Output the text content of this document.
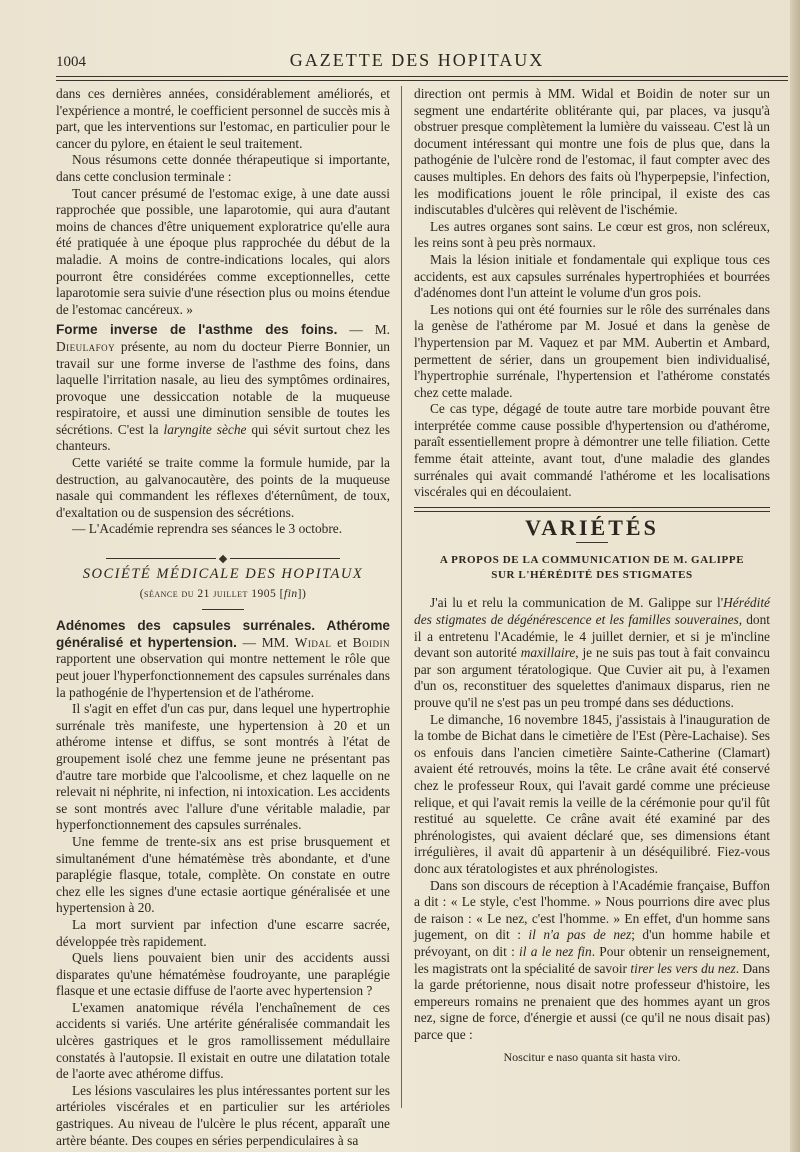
1004	GAZETTE DES HOPITAUX

dans ces dernières années, considérablement améliorés, et l'expérience a montré, le coefficient personnel de succès mis à part, que les interventions sur l'estomac, en particulier pour le cancer du pylore, en étaient le seul traitement.

Nous résumons cette donnée thérapeutique si importante, dans cette conclusion terminale :

Tout cancer présumé de l'estomac exige, à une date aussi rapprochée que possible, une laparotomie, qui aura d'autant moins de chances d'être uniquement exploratrice qu'elle aura été pratiquée à une époque plus rapprochée du début de la maladie. A moins de contre-indications locales, qui alors pourront être considérées comme exceptionnelles, cette laparotomie sera suivie d'une résection plus ou moins étendue de l'estomac cancéreux. »

Forme inverse de l'asthme des foins. — M. Dieulafoy présente, au nom du docteur Pierre Bonnier, un travail sur une forme inverse de l'asthme des foins, dans laquelle l'irritation nasale, au lieu des symptômes ordinaires, provoque une dessiccation notable de la muqueuse respiratoire, et aussi une diminution sensible de toutes les sécrétions. C'est la laryngite sèche qui sévit surtout chez les chanteurs.

Cette variété se traite comme la formule humide, par la destruction, au galvanocautère, des points de la muqueuse nasale qui commandent les réflexes d'éternûment, de toux, d'exaltation ou de suspension des sécrétions.

— L'Académie reprendra ses séances le 3 octobre.

SOCIÉTÉ MÉDICALE DES HOPITAUX
(séance du 21 juillet 1905 [fin])

Adénomes des capsules surrénales. Athérome généralisé et hypertension. — MM. Widal et Boidin rapportent une observation qui montre nettement le rôle que peut jouer l'hyperfonctionnement des capsules surrénales dans la pathogénie de l'hypertension et de l'athérome.

Il s'agit en effet d'un cas pur, dans lequel une hypertrophie surrénale très manifeste, une hypertension à 20 et un athérome intense et diffus, se sont montrés à l'état de groupement isolé chez une femme jeune ne présentant pas d'autre tare morbide que l'alcoolisme, et chez laquelle on ne relevait ni néphrite, ni infection, ni intoxication. Les accidents se sont montrés avec l'allure d'une véritable maladie, par hyperfonctionnement des capsules surrénales.

Une femme de trente-six ans est prise brusquement et simultanément d'une hématémèse très abondante, et d'une paraplégie flasque, totale, complète. On constate en outre chez elle les signes d'une ectasie aortique généralisée et une hypertension à 20.

La mort survient par infection d'une escarre sacrée, développée très rapidement.

Quels liens pouvaient bien unir des accidents aussi disparates qu'une hématémèse foudroyante, une paraplégie flasque et une ectasie diffuse de l'aorte avec hypertension ?

L'examen anatomique révéla l'enchaînement de ces accidents si variés. Une artérite généralisée commandait les ulcères gastriques et le gros ramollissement médullaire constatés à l'autopsie. Il existait en outre une dilatation totale de l'aorte avec athérome diffus.

Les lésions vasculaires les plus intéressantes portent sur les artérioles viscérales et en particulier sur les artérioles gastriques. Au niveau de l'ulcère le plus récent, apparaît une artère béante. Des coupes en séries perpendiculaires à sa

direction ont permis à MM. Widal et Boidin de noter sur un segment une endartérite oblitérante qui, par places, va jusqu'à obstruer presque complètement la lumière du vaisseau. C'est là un document intéressant qui montre une fois de plus que, dans la pathogénie de l'ulcère rond de l'estomac, il faut compter avec des causes multiples. En dehors des faits où l'hyperpepsie, l'infection, les modifications jouent le rôle principal, il existe des cas indiscutables d'ulcères qui relèvent de l'ischémie.

Les autres organes sont sains. Le cœur est gros, non scléreux, les reins sont à peu près normaux.

Mais la lésion initiale et fondamentale qui explique tous ces accidents, est aux capsules surrénales hypertrophiées et bourrées d'adénomes dont l'un atteint le volume d'un gros pois.

Les notions qui ont été fournies sur le rôle des surrénales dans la genèse de l'athérome par M. Josué et dans la genèse de l'hypertension par M. Vaquez et par MM. Aubertin et Ambard, permettent de sérier, dans un groupement bien individualisé, l'hypertrophie surrénale, l'hypertension et l'athérome constatés chez cette malade.

Ce cas type, dégagé de toute autre tare morbide pouvant être interprétée comme cause possible d'hypertension ou d'athérome, paraît essentiellement propre à démontrer une telle filiation. Cette femme était atteinte, avant tout, d'une maladie des glandes surrénales qui avait commandé l'athérome et les localisations viscérales qui en découlaient.

VARIÉTÉS
A PROPOS DE LA COMMUNICATION DE M. GALIPPE
SUR L'HÉRÉDITÉ DES STIGMATES

J'ai lu et relu la communication de M. Galippe sur l'Hérédité des stigmates de dégénérescence et les familles souveraines, dont il a entretenu l'Académie, le 4 juillet dernier, et si je m'incline devant son autorité maxillaire, je ne suis pas tout à fait convaincu par son argument tératologique. Que Cuvier ait pu, à l'examen d'un os, reconstituer des squelettes d'animaux disparus, rien ne prouve qu'il ne s'est pas un peu trompé dans ses déductions.

Le dimanche, 16 novembre 1845, j'assistais à l'inauguration de la tombe de Bichat dans le cimetière de l'Est (Père-Lachaise). Ses os enfouis dans l'ancien cimetière Sainte-Catherine (Clamart) avaient été retrouvés, moins la tête. Le crâne avait été conservé chez le professeur Roux, qui l'avait gardé comme une précieuse relique, et qui l'avait remis la veille de la cérémonie pour qu'il fût restitué au squelette. Ce crâne avait été examiné par des phrénologistes, qui avaient déclaré que, ses dimensions étant irrégulières, il avait dû appartenir à un déséquilibré. Fiez-vous donc aux tératologistes et aux phrénologistes.

Dans son discours de réception à l'Académie française, Buffon a dit : « Le style, c'est l'homme. » Nous pourrions dire avec plus de raison : « Le nez, c'est l'homme. » En effet, d'un homme sans jugement, on dit : il n'a pas de nez; d'un homme habile et prévoyant, on dit : il a le nez fin. Pour obtenir un renseignement, les magistrats ont la spécialité de savoir tirer les vers du nez. Dans la garde prétorienne, nous disait notre professeur d'histoire, les empereurs romains ne prenaient que des hommes ayant un gros nez, signe de force, d'énergie et aussi (ce qu'il ne nous disait pas) parce que :

Noscitur e naso quanta sit hasta viro.
